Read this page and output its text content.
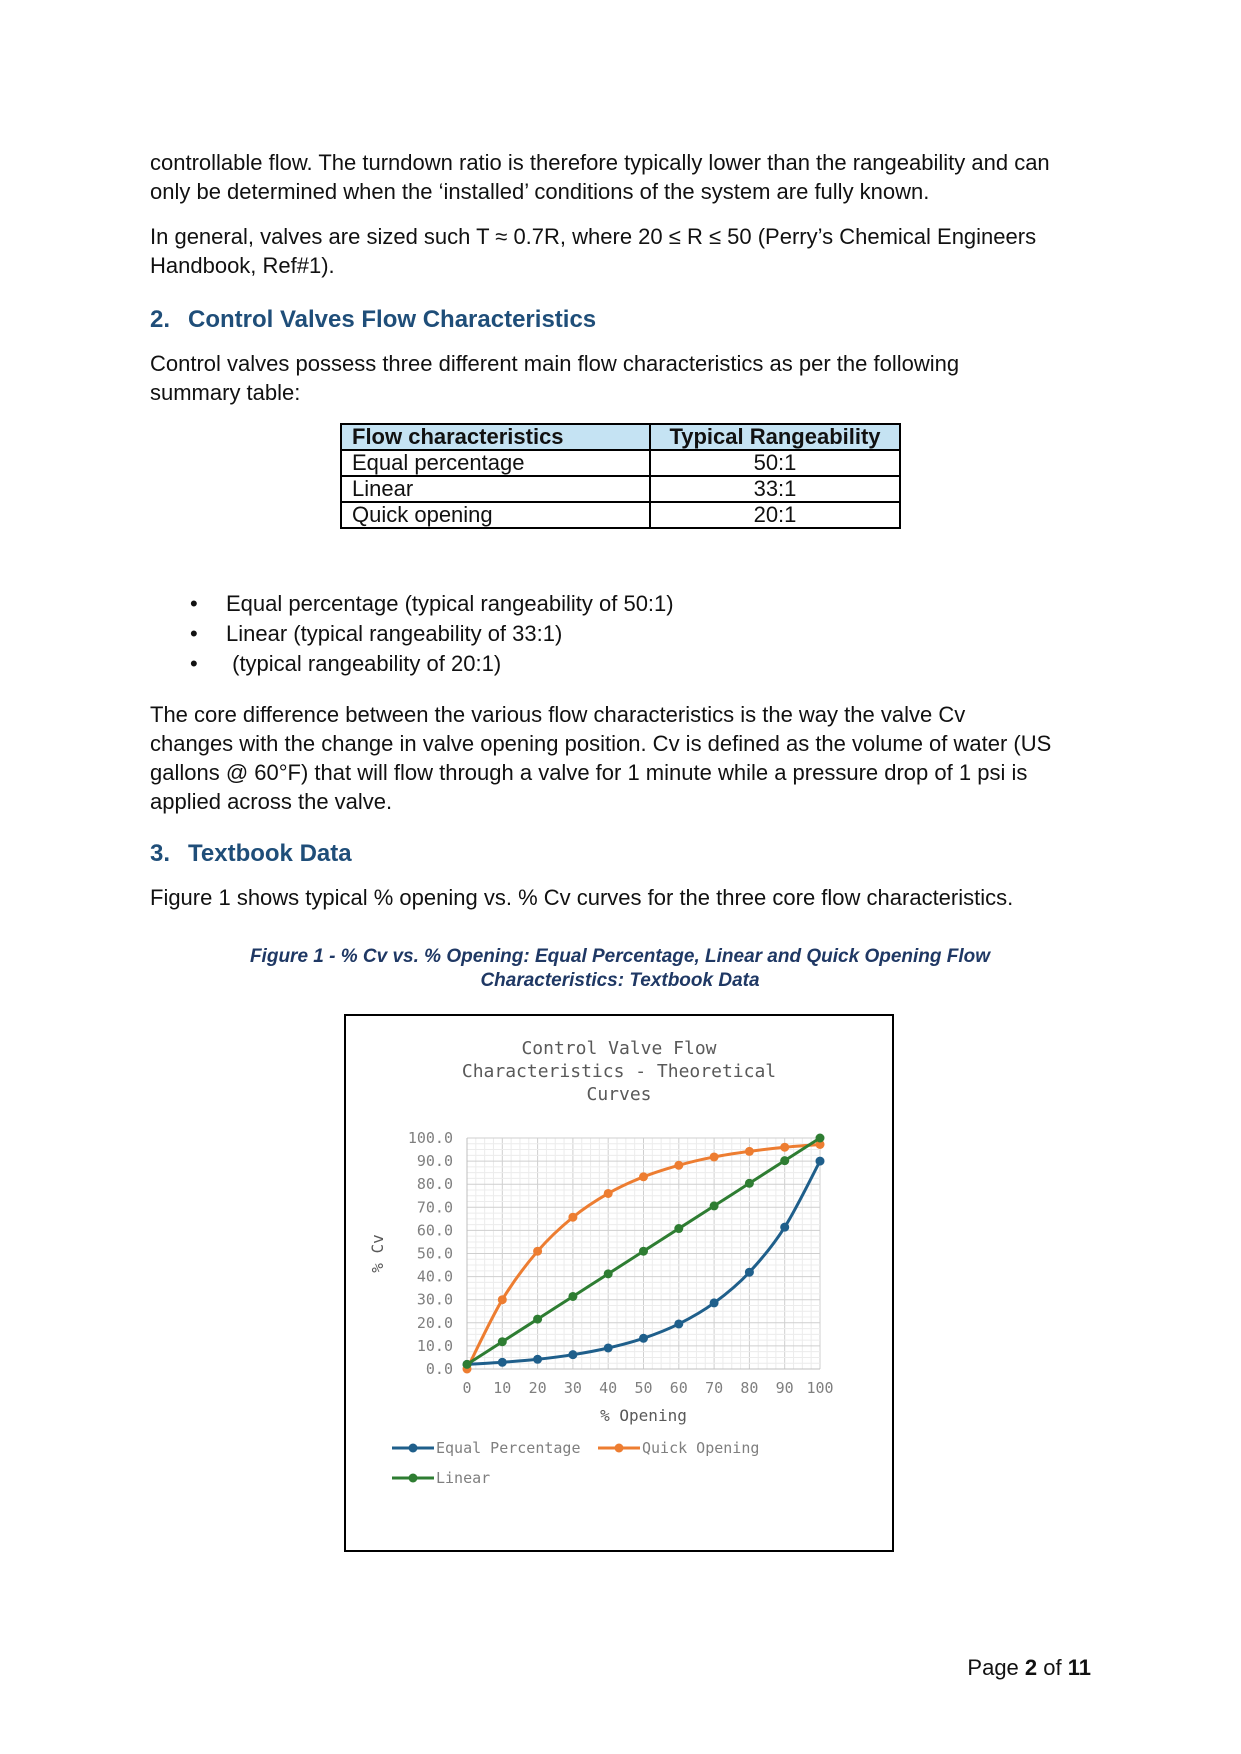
controllable flow. The turndown ratio is therefore typically lower than the rangeability and can
only be determined when the ‘installed’ conditions of the system are fully known.

In general, valves are sized such T ≈ 0.7R, where 20 ≤ R ≤ 50 (Perry’s Chemical Engineers
Handbook, Ref#1).

2. Control Valves Flow Characteristics

Control valves possess three different main flow characteristics as per the following
summary table:

Flow characteristics	Typical Rangeability
Equal percentage	50:1
Linear	33:1
Quick opening	20:1
• Equal percentage (typical rangeability of 50:1)
• Linear (typical rangeability of 33:1)
• (typical rangeability of 20:1)

The core difference between the various flow characteristics is the way the valve Cv
changes with the change in valve opening position. Cv is defined as the volume of water (US
gallons @ 60°F) that will flow through a valve for 1 minute while a pressure drop of 1 psi is
applied across the valve.

3. Textbook Data

Figure 1 shows typical % opening vs. % Cv curves for the three core flow characteristics.

Figure 1 - % Cv vs. % Opening: Equal Percentage, Linear and Quick Opening Flow
Characteristics: Textbook Data

Control Valve Flow
Characteristics - Theoretical
Curves
0.0
10.0
20.0
30.0
40.0
50.0
60.0
70.0
80.0
90.0
100.0
0 10 20 30 40 50 60 70 80 90 100
% Opening
% Cv
Equal Percentage	Quick Opening
Linear
Page 2 of 11
